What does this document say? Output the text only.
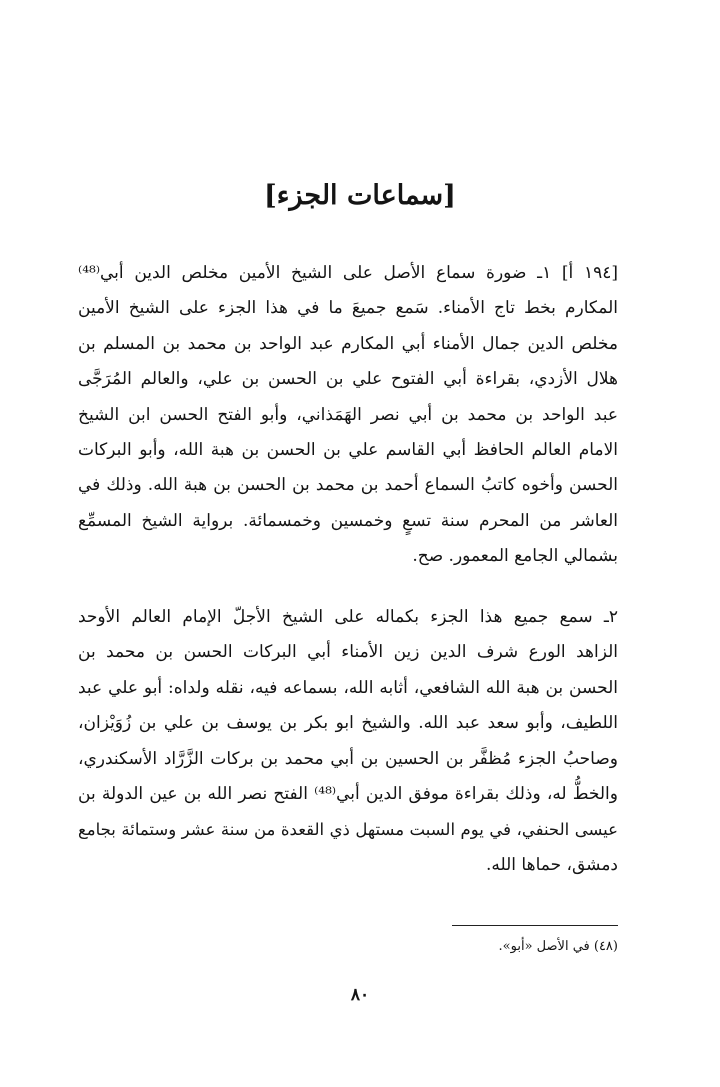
[سماعات الجزء]
[١٩٤ أ] ١ـ ضورة سماع الأصل على الشيخ الأمين مخلص الدين أبي⁽⁴⁸⁾
المكارم بخط تاج الأمناء. سَمع جميعَ ما في هذا الجزء على الشيخ الأمين
مخلص الدين جمال الأمناء أبي المكارم عبد الواحد بن محمد بن المسلم بن
هلال الأزدي، بقراءة أبي الفتوح علي بن الحسن بن علي، والعالم المُرَجَّى
عبد الواحد بن محمد بن أبي نصر الهَمَذاني، وأبو الفتح الحسن ابن الشيخ
الامام العالم الحافظ أبي القاسم علي بن الحسن بن هبة الله، وأبو البركات
الحسن وأخوه كاتبُ السماع أحمد بن محمد بن الحسن بن هبة الله. وذلك في
العاشر من المحرم سنة تسعٍ وخمسين وخمسمائة. برواية الشيخ المسمِّع
بشمالي الجامع المعمور. صح.
٢ـ سمع جميع هذا الجزء بكماله على الشيخ الأجلّ الإمام العالم الأوحد
الزاهد الورع شرف الدين زين الأمناء أبي البركات الحسن بن محمد بن
الحسن بن هبة الله الشافعي، أثابه الله، بسماعه فيه، نقله ولداه: أبو علي عبد
اللطيف، وأبو سعد عبد الله. والشيخ ابو بكر بن يوسف بن علي بن زُوَيْزان،
وصاحبُ الجزء مُظفَّر بن الحسين بن أبي محمد بن بركات الزَّرَّاد الأسكندري،
والخطُّ له، وذلك بقراءة موفق الدين أبي⁽⁴⁸⁾ الفتح نصر الله بن عين الدولة بن
عيسى الحنفي، في يوم السبت مستهل ذي القعدة من سنة عشر وستمائة بجامع
دمشق، حماها الله.
(٤٨) في الأصل «أبو».
٨٠
